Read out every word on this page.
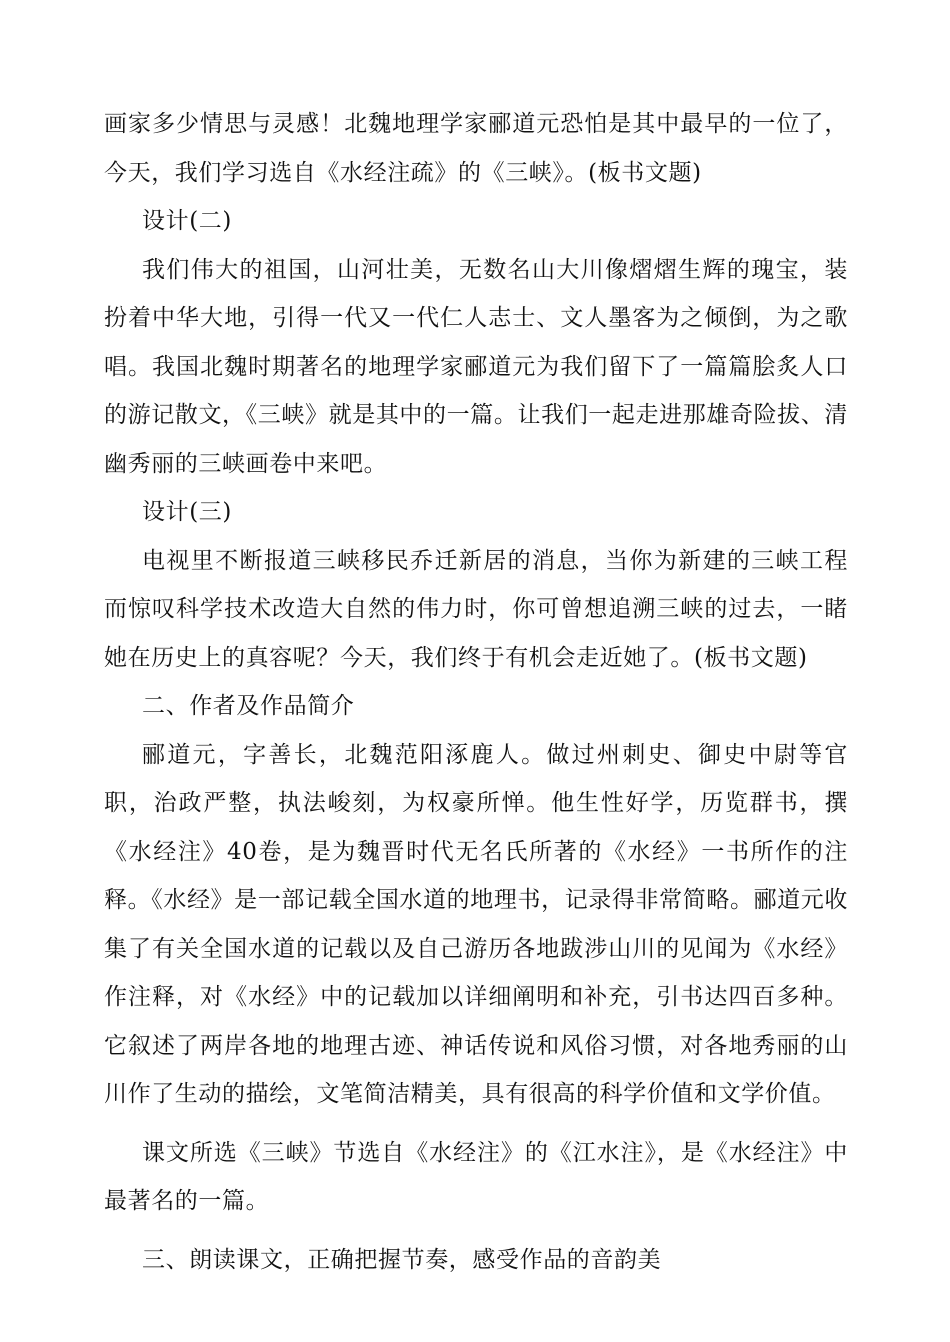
画家多少情思与灵感！北魏地理学家郦道元恐怕是其中最早的一位了，今天，我们学习选自《水经注疏》的《三峡》。(板书文题)

设计(二)

我们伟大的祖国，山河壮美，无数名山大川像熠熠生辉的瑰宝，装扮着中华大地，引得一代又一代仁人志士、文人墨客为之倾倒，为之歌唱。我国北魏时期著名的地理学家郦道元为我们留下了一篇篇脍炙人口的游记散文，《三峡》就是其中的一篇。让我们一起走进那雄奇险拔、清幽秀丽的三峡画卷中来吧。

设计(三)

电视里不断报道三峡移民乔迁新居的消息，当你为新建的三峡工程而惊叹科学技术改造大自然的伟力时，你可曾想追溯三峡的过去，一睹她在历史上的真容呢？今天，我们终于有机会走近她了。(板书文题)

二、作者及作品简介

郦道元，字善长，北魏范阳涿鹿人。做过州刺史、御史中尉等官职，治政严整，执法峻刻，为权豪所惮。他生性好学，历览群书，撰《水经注》40卷，是为魏晋时代无名氏所著的《水经》一书所作的注释。《水经》是一部记载全国水道的地理书，记录得非常简略。郦道元收集了有关全国水道的记载以及自己游历各地跋涉山川的见闻为《水经》作注释，对《水经》中的记载加以详细阐明和补充，引书达四百多种。它叙述了两岸各地的地理古迹、神话传说和风俗习惯，对各地秀丽的山川作了生动的描绘，文笔简洁精美，具有很高的科学价值和文学价值。

课文所选《三峡》节选自《水经注》的《江水注》，是《水经注》中最著名的一篇。

三、朗读课文，正确把握节奏，感受作品的音韵美
